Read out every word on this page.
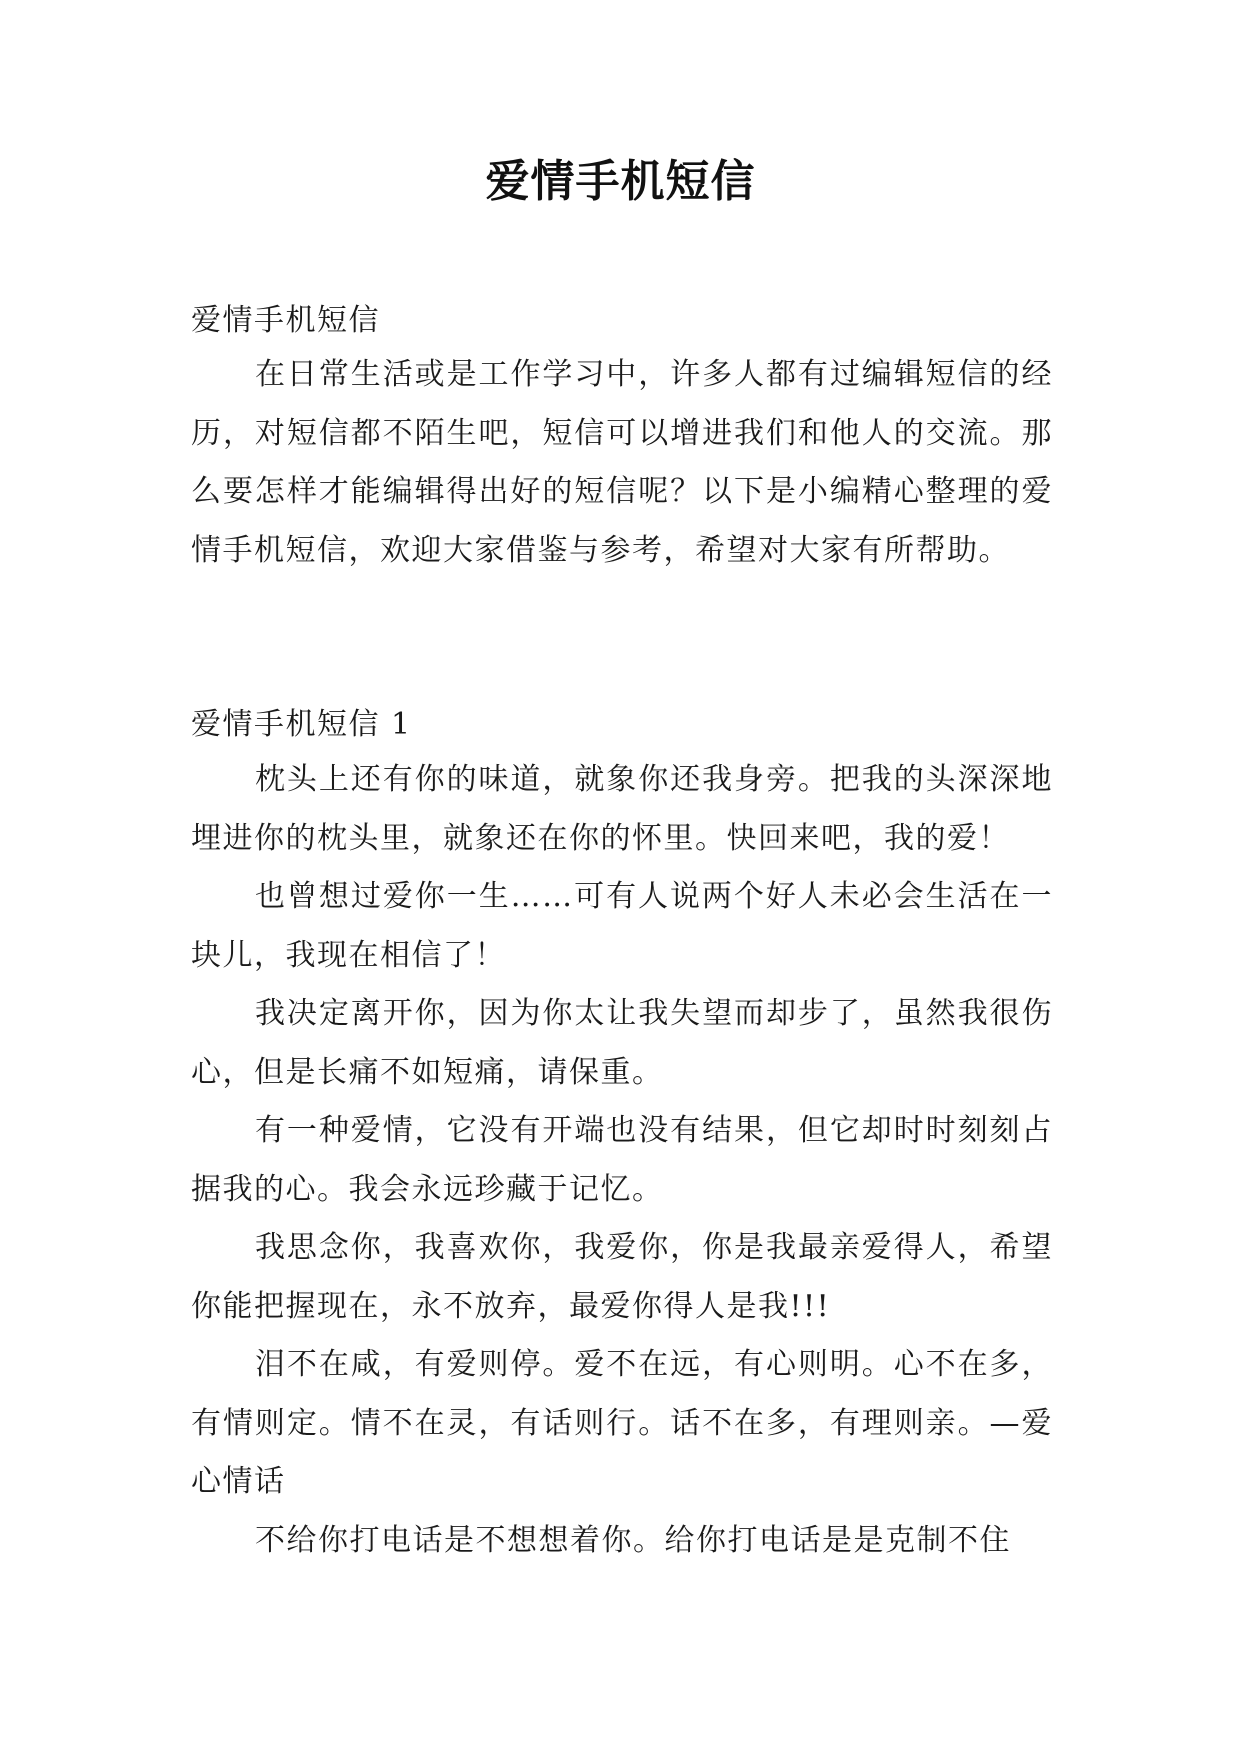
爱情手机短信
爱情手机短信
在日常生活或是工作学习中，许多人都有过编辑短信的经历，对短信都不陌生吧，短信可以增进我们和他人的交流。那么要怎样才能编辑得出好的短信呢？以下是小编精心整理的爱情手机短信，欢迎大家借鉴与参考，希望对大家有所帮助。
爱情手机短信 1

枕头上还有你的味道，就象你还我身旁。把我的头深深地埋进你的枕头里，就象还在你的怀里。快回来吧，我的爱！

也曾想过爱你一生……可有人说两个好人未必会生活在一块儿，我现在相信了！

我决定离开你，因为你太让我失望而却步了，虽然我很伤心，但是长痛不如短痛，请保重。

有一种爱情，它没有开端也没有结果，但它却时时刻刻占据我的心。我会永远珍藏于记忆。

我思念你，我喜欢你，我爱你，你是我最亲爱得人，希望你能把握现在，永不放弃，最爱你得人是我!!!

泪不在咸，有爱则停。爱不在远，有心则明。心不在多，有情则定。情不在灵，有话则行。话不在多，有理则亲。—爱心情话

不给你打电话是不想想着你。给你打电话是是克制不住
